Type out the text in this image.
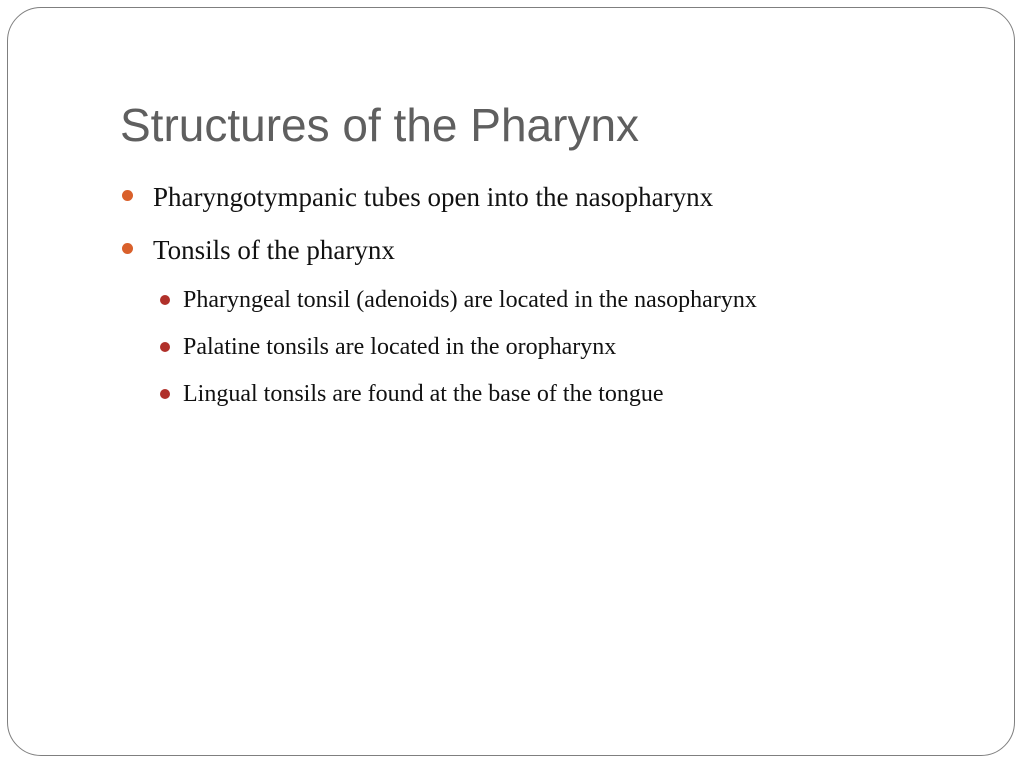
Structures of the Pharynx
Pharyngotympanic tubes open into the nasopharynx
Tonsils of the pharynx
Pharyngeal tonsil (adenoids) are located in the nasopharynx
Palatine tonsils are located in the oropharynx
Lingual tonsils are found at the base of the tongue
